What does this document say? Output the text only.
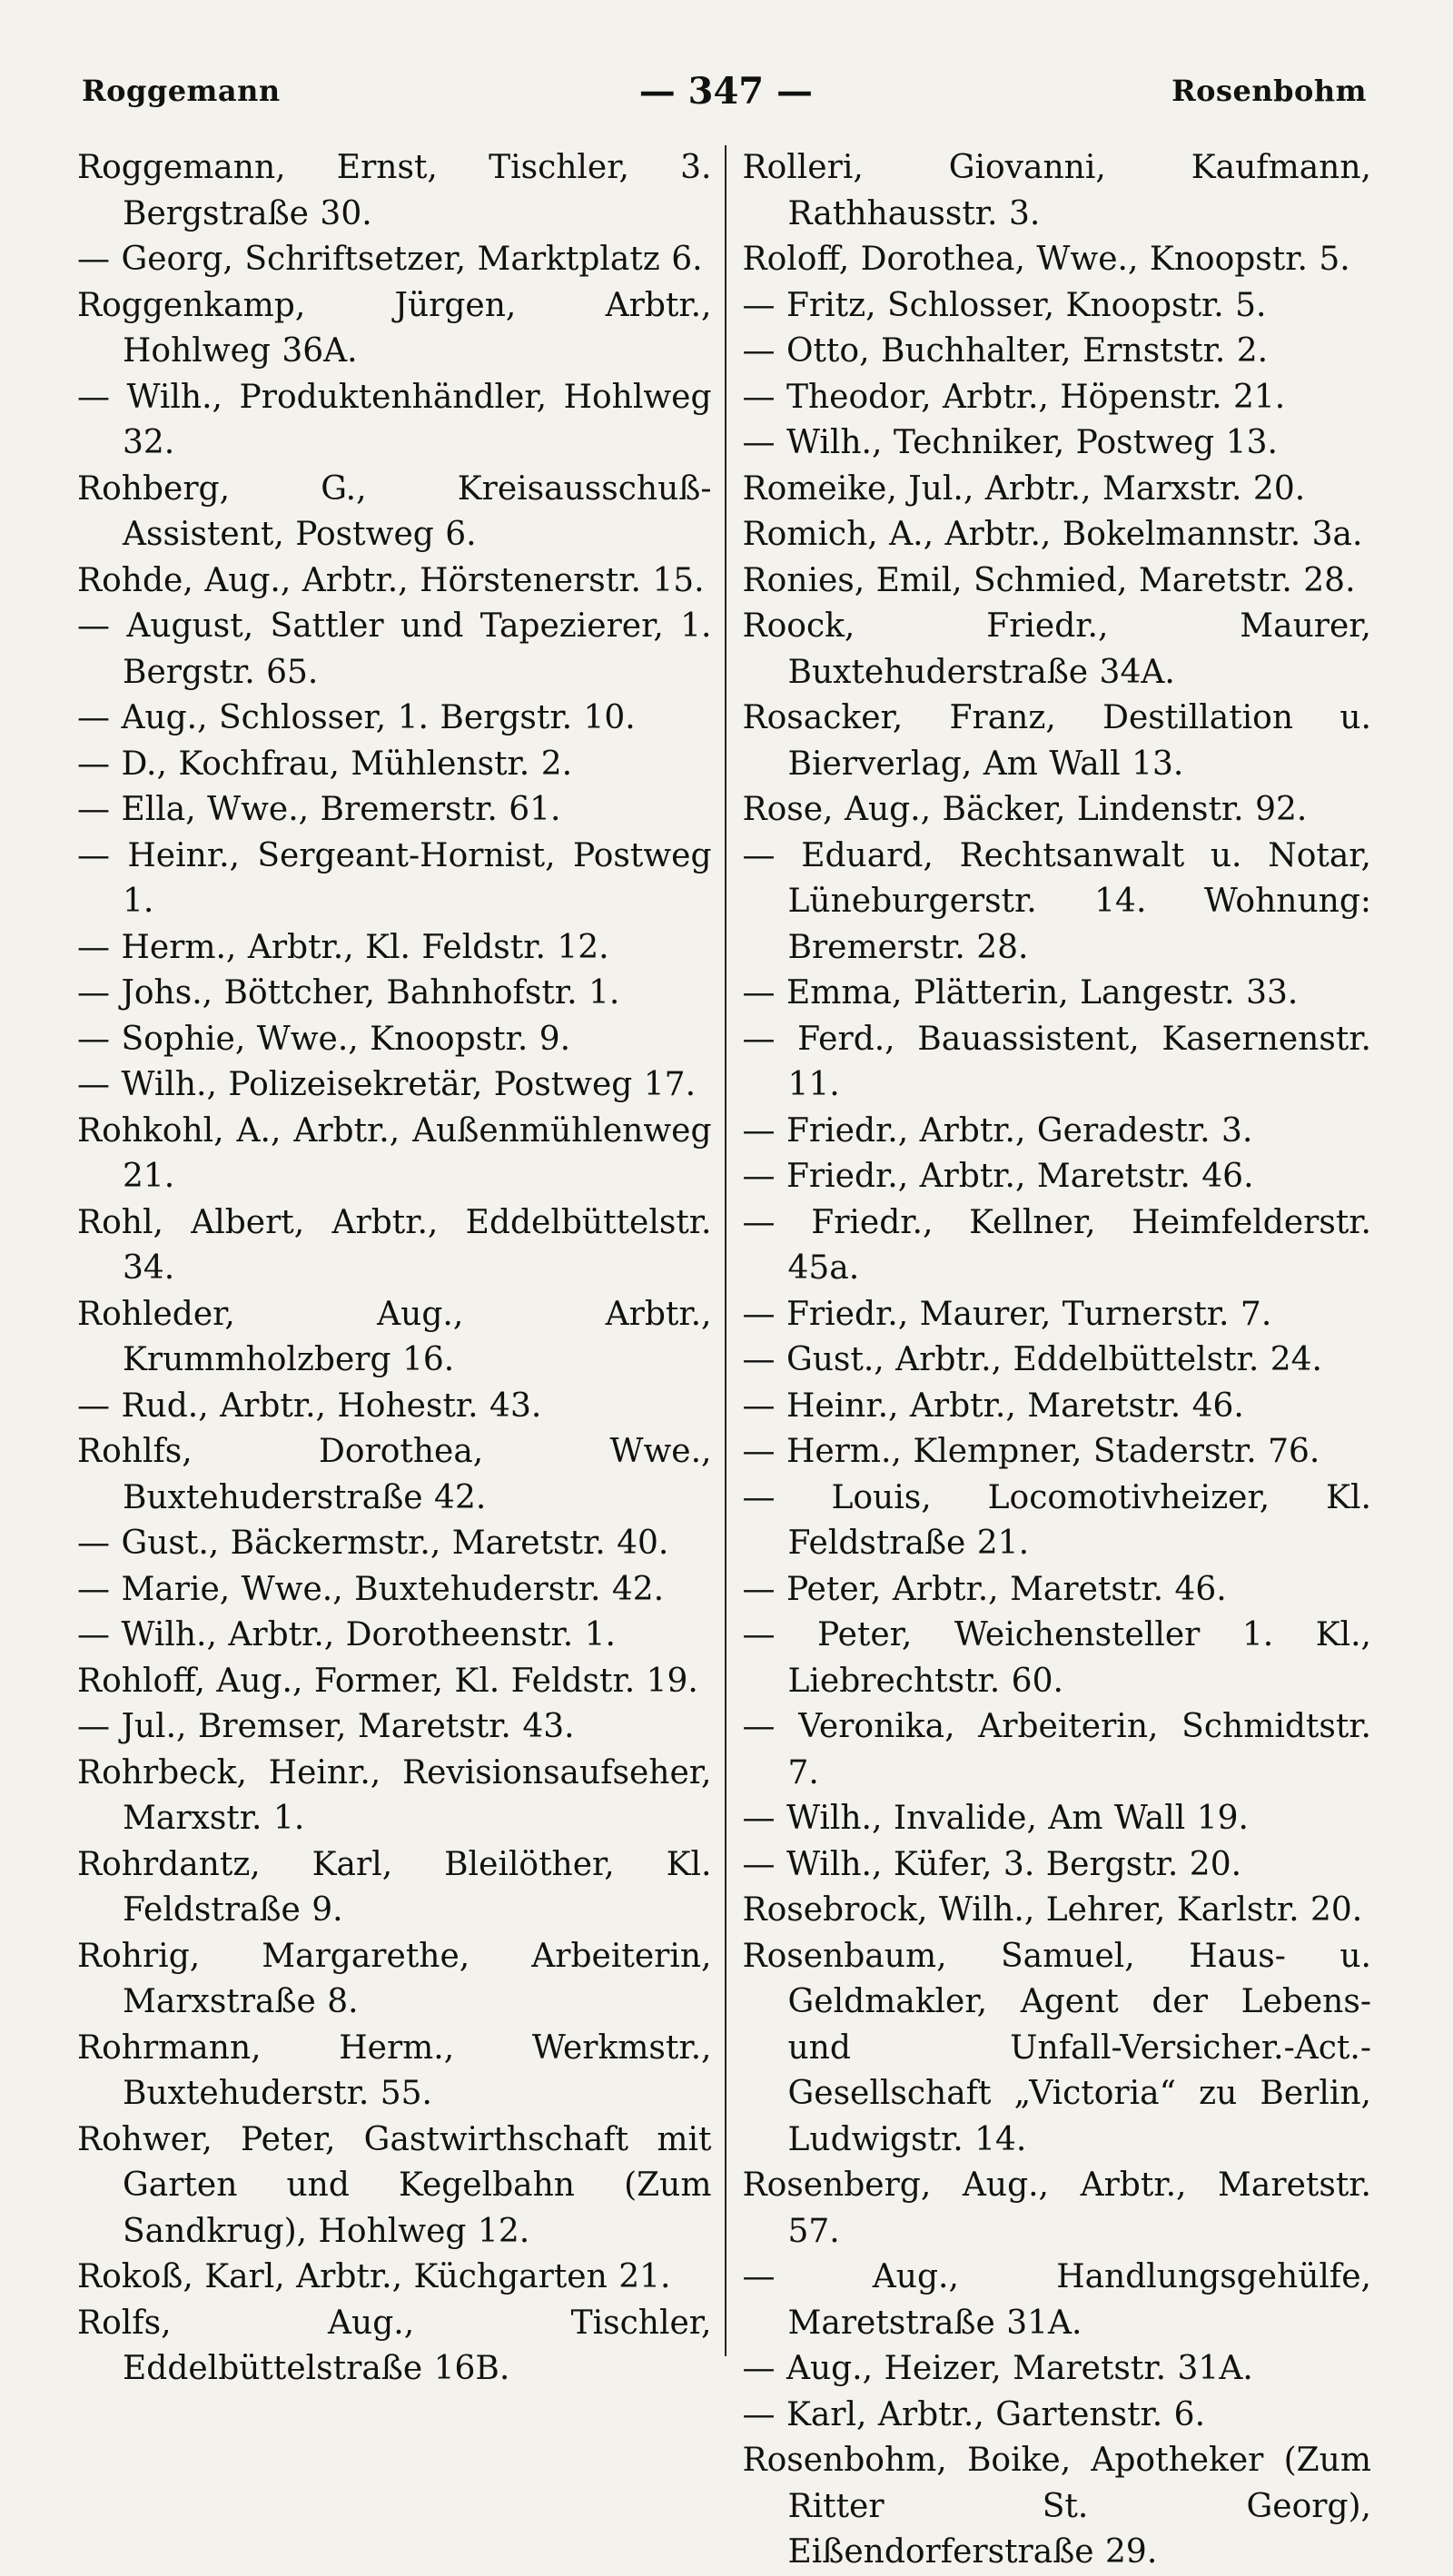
Roggemann	— 347 —	Rosenbohm
Roggemann, Ernst, Tischler, 3. Bergstraße 30.
— Georg, Schriftsetzer, Marktplatz 6.
Roggenkamp, Jürgen, Arbtr., Hohlweg 36A.
— Wilh., Produktenhändler, Hohlweg 32.
Rohberg, G., Kreisausschuß-Assistent, Postweg 6.
Rohde, Aug., Arbtr., Hörstenerstr. 15.
— August, Sattler und Tapezierer, 1. Bergstr. 65.
— Aug., Schlosser, 1. Bergstr. 10.
— D., Kochfrau, Mühlenstr. 2.
— Ella, Wwe., Bremerstr. 61.
— Heinr., Sergeant-Hornist, Postweg 1.
— Herm., Arbtr., Kl. Feldstr. 12.
— Johs., Böttcher, Bahnhofstr. 1.
— Sophie, Wwe., Knoopstr. 9.
— Wilh., Polizeisekretär, Postweg 17.
Rohkohl, A., Arbtr., Außenmühlenweg 21.
Rohl, Albert, Arbtr., Eddelbüttelstr. 34.
Rohleder, Aug., Arbtr., Krummholzberg 16.
— Rud., Arbtr., Hohestr. 43.
Rohlfs, Dorothea, Wwe., Buxtehuderstraße 42.
— Gust., Bäckermstr., Maretstr. 40.
— Marie, Wwe., Buxtehuderstr. 42.
— Wilh., Arbtr., Dorotheenstr. 1.
Rohloff, Aug., Former, Kl. Feldstr. 19.
— Jul., Bremser, Maretstr. 43.
Rohrbeck, Heinr., Revisionsaufseher, Marxstr. 1.
Rohrdantz, Karl, Bleilöther, Kl. Feldstraße 9.
Rohrig, Margarethe, Arbeiterin, Marxstraße 8.
Rohrmann, Herm., Werkmstr., Buxtehuderstr. 55.
Rohwer, Peter, Gastwirthschaft mit Garten und Kegelbahn (Zum Sandkrug), Hohlweg 12.
Rokoß, Karl, Arbtr., Küchgarten 21.
Rolfs, Aug., Tischler, Eddelbüttelstraße 16B.
Rolleri, Giovanni, Kaufmann, Rathhausstr. 3.
Roloff, Dorothea, Wwe., Knoopstr. 5.
— Fritz, Schlosser, Knoopstr. 5.
— Otto, Buchhalter, Ernststr. 2.
— Theodor, Arbtr., Höpenstr. 21.
— Wilh., Techniker, Postweg 13.
Romeike, Jul., Arbtr., Marxstr. 20.
Romich, A., Arbtr., Bokelmannstr. 3a.
Ronies, Emil, Schmied, Maretstr. 28.
Roock, Friedr., Maurer, Buxtehuderstraße 34A.
Rosacker, Franz, Destillation u. Bierverlag, Am Wall 13.
Rose, Aug., Bäcker, Lindenstr. 92.
— Eduard, Rechtsanwalt u. Notar, Lüneburgerstr. 14. Wohnung: Bremerstr. 28.
— Emma, Plätterin, Langestr. 33.
— Ferd., Bauassistent, Kasernenstr. 11.
— Friedr., Arbtr., Geradestr. 3.
— Friedr., Arbtr., Maretstr. 46.
— Friedr., Kellner, Heimfelderstr. 45a.
— Friedr., Maurer, Turnerstr. 7.
— Gust., Arbtr., Eddelbüttelstr. 24.
— Heinr., Arbtr., Maretstr. 46.
— Herm., Klempner, Staderstr. 76.
— Louis, Locomotivheizer, Kl. Feldstraße 21.
— Peter, Arbtr., Maretstr. 46.
— Peter, Weichensteller 1. Kl., Liebrechtstr. 60.
— Veronika, Arbeiterin, Schmidtstr. 7.
— Wilh., Invalide, Am Wall 19.
— Wilh., Küfer, 3. Bergstr. 20.
Rosebrock, Wilh., Lehrer, Karlstr. 20.
Rosenbaum, Samuel, Haus- u. Geldmakler, Agent der Lebens- und Unfall-Versicher.-Act.-Gesellschaft „Victoria“ zu Berlin, Ludwigstr. 14.
Rosenberg, Aug., Arbtr., Maretstr. 57.
— Aug., Handlungsgehülfe, Maretstraße 31A.
— Aug., Heizer, Maretstr. 31A.
— Karl, Arbtr., Gartenstr. 6.
Rosenbohm, Boike, Apotheker (Zum Ritter St. Georg), Eißendorferstraße 29.
